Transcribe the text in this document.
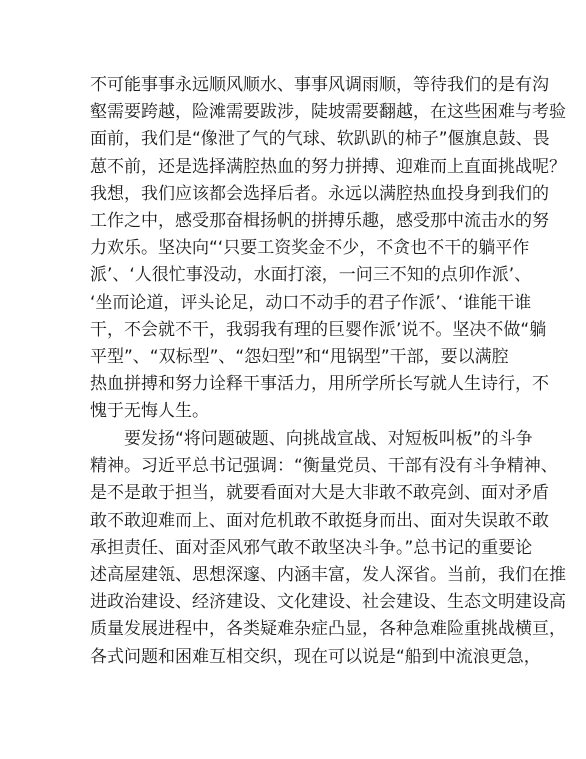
不可能事事永远顺风顺水、事事风调雨顺，等待我们的是有沟
壑需要跨越，险滩需要跋涉，陡坡需要翻越，在这些困难与考验
面前，我们是“像泄了气的气球、软趴趴的柿子”偃旗息鼓、畏
葸不前，还是选择满腔热血的努力拼搏、迎难而上直面挑战呢？
我想，我们应该都会选择后者。永远以满腔热血投身到我们的
工作之中，感受那奋楫扬帆的拼搏乐趣，感受那中流击水的努
力欢乐。坚决向“‘只要工资奖金不少，不贪也不干的躺平作
派’、‘人很忙事没动，水面打滚，一问三不知的点卯作派’、
‘坐而论道，评头论足，动口不动手的君子作派’、‘谁能干谁
干，不会就不干，我弱我有理的巨婴作派’说不。坚决不做“躺
平型”、“双标型”、“怨妇型”和“甩锅型”干部，要以满腔
热血拼搏和努力诠释干事活力，用所学所长写就人生诗行，不
愧于无悔人生。
　　要发扬“将问题破题、向挑战宣战、对短板叫板”的斗争
精神。习近平总书记强调：“衡量党员、干部有没有斗争精神、
是不是敢于担当，就要看面对大是大非敢不敢亮剑、面对矛盾
敢不敢迎难而上、面对危机敢不敢挺身而出、面对失误敢不敢
承担责任、面对歪风邪气敢不敢坚决斗争。”总书记的重要论
述高屋建瓴、思想深邃、内涵丰富，发人深省。当前，我们在推
进政治建设、经济建设、文化建设、社会建设、生态文明建设高
质量发展进程中，各类疑难杂症凸显，各种急难险重挑战横亘，
各式问题和困难互相交织，现在可以说是“船到中流浪更急，
